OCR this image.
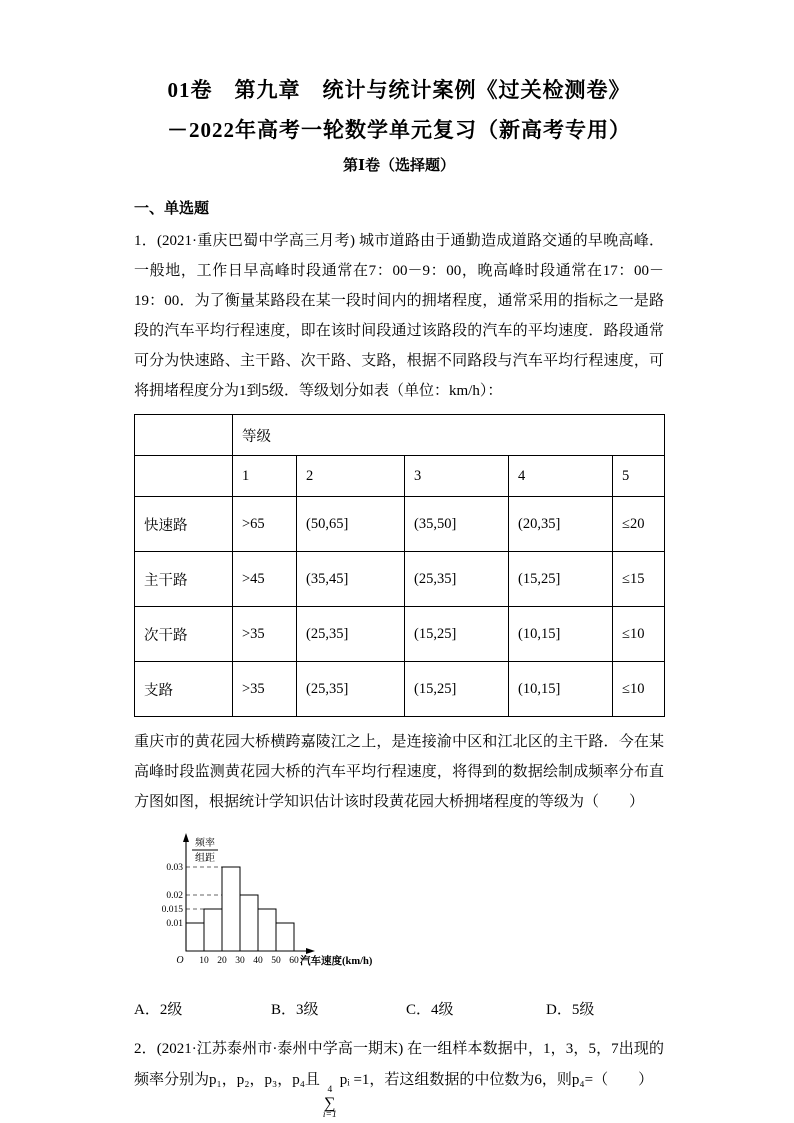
01卷　第九章　统计与统计案例《过关检测卷》
－2022年高考一轮数学单元复习（新高考专用）
第Ⅰ卷（选择题）
一、单选题

1．(2021·重庆巴蜀中学高三月考) 城市道路由于通勤造成道路交通的早晚高峰．一般地，工作日早高峰时段通常在7：00－9：00，晚高峰时段通常在17：00－19：00．为了衡量某路段在某一段时间内的拥堵程度，通常采用的指标之一是路段的汽车平均行程速度，即在该时间段通过该路段的汽车的平均速度．路段通常可分为快速路、主干路、次干路、支路，根据不同路段与汽车平均行程速度，可将拥堵程度分为1到5级．等级划分如表（单位：km/h）：

	等级				
	1	2	3	4	5
快速路	>65	(50,65]	(35,50]	(20,35]	≤20
主干路	>45	(35,45]	(25,35]	(15,25]	≤15
次干路	>35	(25,35]	(15,25]	(10,15]	≤10
支路	>35	(25,35]	(15,25]	(10,15]	≤10

重庆市的黄花园大桥横跨嘉陵江之上，是连接渝中区和江北区的主干路．今在某高峰时段监测黄花园大桥的汽车平均行程速度，将得到的数据绘制成频率分布直方图如图，根据统计学知识估计该时段黄花园大桥拥堵程度的等级为（　　）

0.01
0.015
0.02
0.03
10 20 30 40 50 60
O
频率
组距
汽车速度(km/h)
A．2级	B．3级	C．4级	D．5级

2．(2021·江苏泰州市·泰州中学高一期末) 在一组样本数据中，1，3，5，7出现的频率分别为p₁，p₂，p₃，p₄且
4
∑
i=1
pᵢ =1，若这组数据的中位数为6，则p₄=（　　）
